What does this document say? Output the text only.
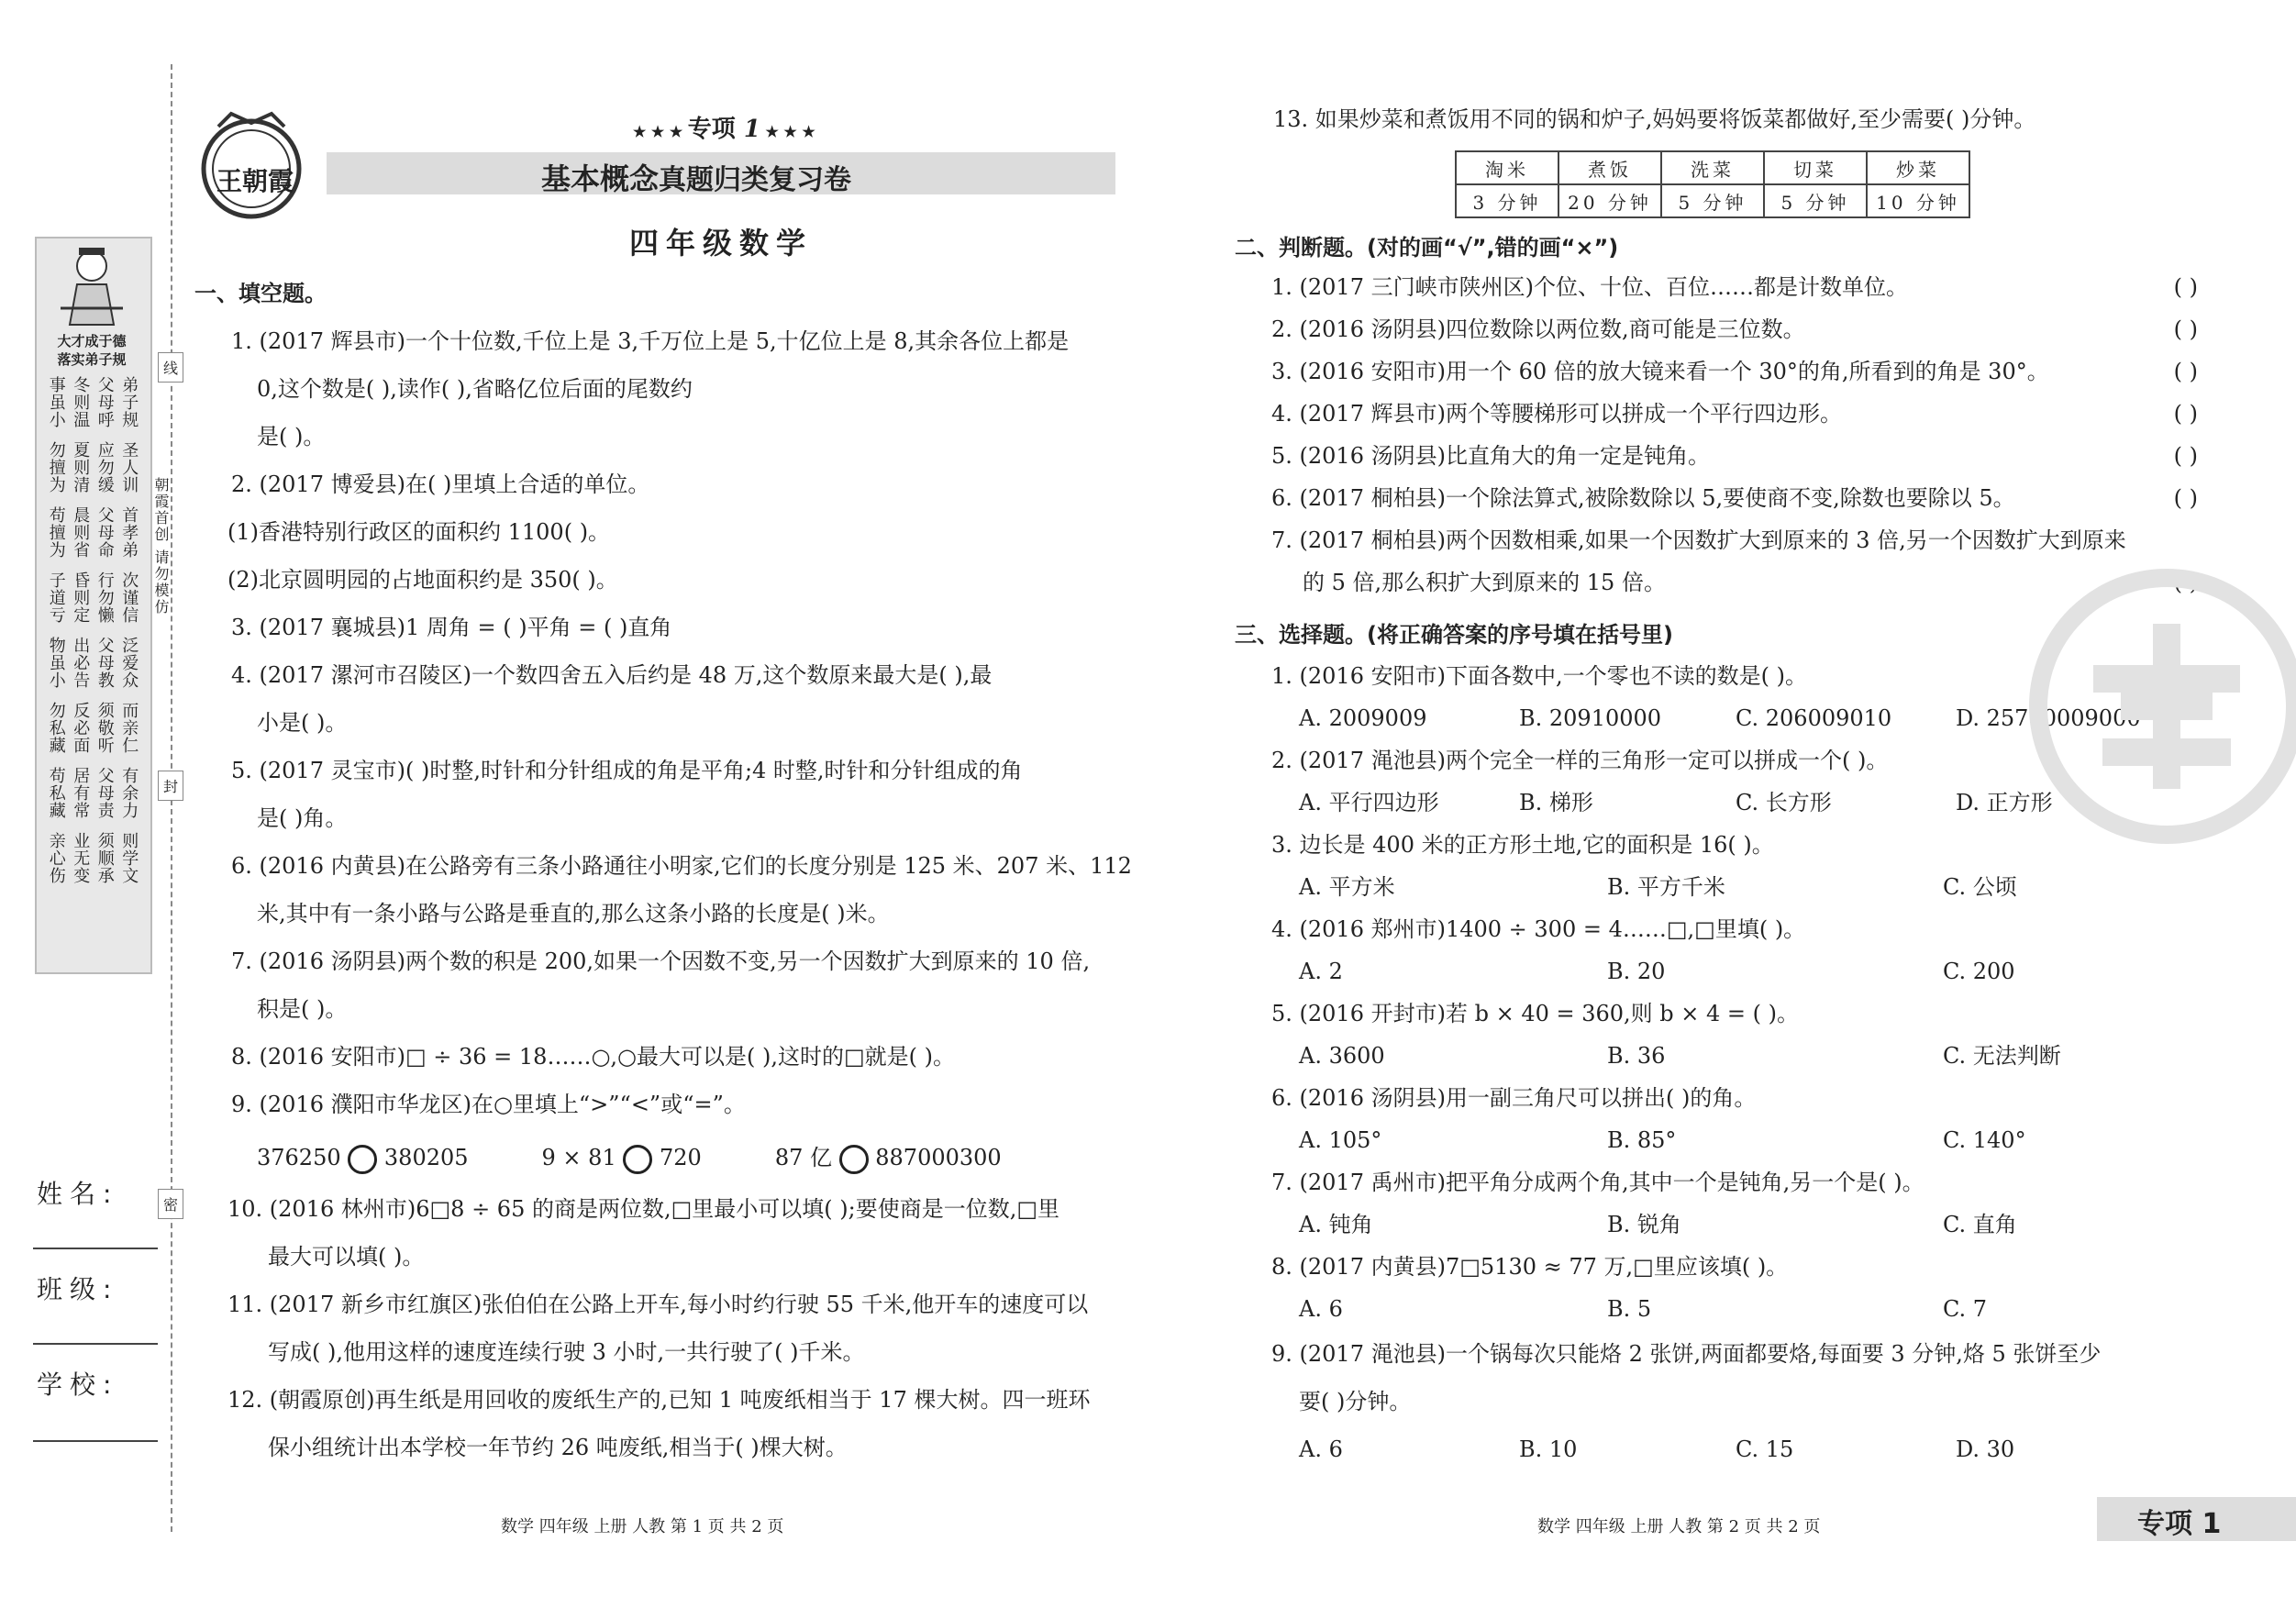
大才成于德
落实弟子规
事虽小 冬则温 父母呼 弟子规
勿擅为 夏则清 应勿缓 圣人训
苟擅为 晨则省 父母命 首孝弟
子道亏 昏则定 行勿懒 次谨信
物虽小 出必告 父母教 泛爱众
勿私藏 反必面 须敬听 而亲仁
苟私藏 居有常 父母责 有余力
亲心伤 业无变 须顺承 则学文
线
朝霞首创 请勿模仿
封
密
姓名:
班级:
学校:
王朝霞
★ ★ ★ 专项 1 ★ ★ ★
基本概念真题归类复习卷
四年级数学
一、填空题。
1. (2017 辉县市)一个十位数,千位上是 3,千万位上是 5,十亿位上是 8,其余各位上都是
0,这个数是( ),读作( ),省略亿位后面的尾数约
是( )。
2. (2017 博爱县)在( )里填上合适的单位。
(1)香港特别行政区的面积约 1100( )。
(2)北京圆明园的占地面积约是 350( )。
3. (2017 襄城县)1 周角 = ( )平角 = ( )直角
4. (2017 漯河市召陵区)一个数四舍五入后约是 48 万,这个数原来最大是( ),最
小是( )。
5. (2017 灵宝市)( )时整,时针和分针组成的角是平角;4 时整,时针和分针组成的角
是( )角。
6. (2016 内黄县)在公路旁有三条小路通往小明家,它们的长度分别是 125 米、207 米、112
米,其中有一条小路与公路是垂直的,那么这条小路的长度是( )米。
7. (2016 汤阴县)两个数的积是 200,如果一个因数不变,另一个因数扩大到原来的 10 倍,
积是( )。
8. (2016 安阳市)□ ÷ 36 = 18……○,○最大可以是( ),这时的□就是( )。
9. (2016 濮阳市华龙区)在○里填上“>”“<”或“=”。
376250 380205	9 × 81 720	87 亿 887000300
10. (2016 林州市)6□8 ÷ 65 的商是两位数,□里最小可以填( );要使商是一位数,□里
最大可以填( )。
11. (2017 新乡市红旗区)张伯伯在公路上开车,每小时约行驶 55 千米,他开车的速度可以
写成( ),他用这样的速度连续行驶 3 小时,一共行驶了( )千米。
12. (朝霞原创)再生纸是用回收的废纸生产的,已知 1 吨废纸相当于 17 棵大树。四一班环
保小组统计出本学校一年节约 26 吨废纸,相当于( )棵大树。
13. 如果炒菜和煮饭用不同的锅和炉子,妈妈要将饭菜都做好,至少需要( )分钟。
淘米	煮饭	洗菜	切菜	炒菜
3 分钟	20 分钟	5 分钟	5 分钟	10 分钟
二、判断题。(对的画“√”,错的画“×”)
1. (2017 三门峡市陕州区)个位、十位、百位……都是计数单位。	( )
2. (2016 汤阴县)四位数除以两位数,商可能是三位数。	( )
3. (2016 安阳市)用一个 60 倍的放大镜来看一个 30°的角,所看到的角是 30°。	( )
4. (2017 辉县市)两个等腰梯形可以拼成一个平行四边形。	( )
5. (2016 汤阴县)比直角大的角一定是钝角。	( )
6. (2017 桐柏县)一个除法算式,被除数除以 5,要使商不变,除数也要除以 5。	( )
7. (2017 桐柏县)两个因数相乘,如果一个因数扩大到原来的 3 倍,另一个因数扩大到原来
的 5 倍,那么积扩大到原来的 15 倍。	( )
三、选择题。(将正确答案的序号填在括号里)
1. (2016 安阳市)下面各数中,一个零也不读的数是( )。
A. 2009009	B. 20910000	C. 206009010	D. 25780009000
2. (2017 渑池县)两个完全一样的三角形一定可以拼成一个( )。
A. 平行四边形	B. 梯形	C. 长方形	D. 正方形
3. 边长是 400 米的正方形土地,它的面积是 16( )。
A. 平方米	B. 平方千米	C. 公顷
4. (2016 郑州市)1400 ÷ 300 = 4……□,□里填( )。
A. 2	B. 20	C. 200
5. (2016 开封市)若 b × 40 = 360,则 b × 4 = ( )。
A. 3600	B. 36	C. 无法判断
6. (2016 汤阴县)用一副三角尺可以拼出( )的角。
A. 105°	B. 85°	C. 140°
7. (2017 禹州市)把平角分成两个角,其中一个是钝角,另一个是( )。
A. 钝角	B. 锐角	C. 直角
8. (2017 内黄县)7□5130 ≈ 77 万,□里应该填( )。
A. 6	B. 5	C. 7
9. (2017 渑池县)一个锅每次只能烙 2 张饼,两面都要烙,每面要 3 分钟,烙 5 张饼至少
要( )分钟。
A. 6	B. 10	C. 15	D. 30
数学 四年级 上册 人教 第 1 页 共 2 页	数学 四年级 上册 人教 第 2 页 共 2 页	专项 1
